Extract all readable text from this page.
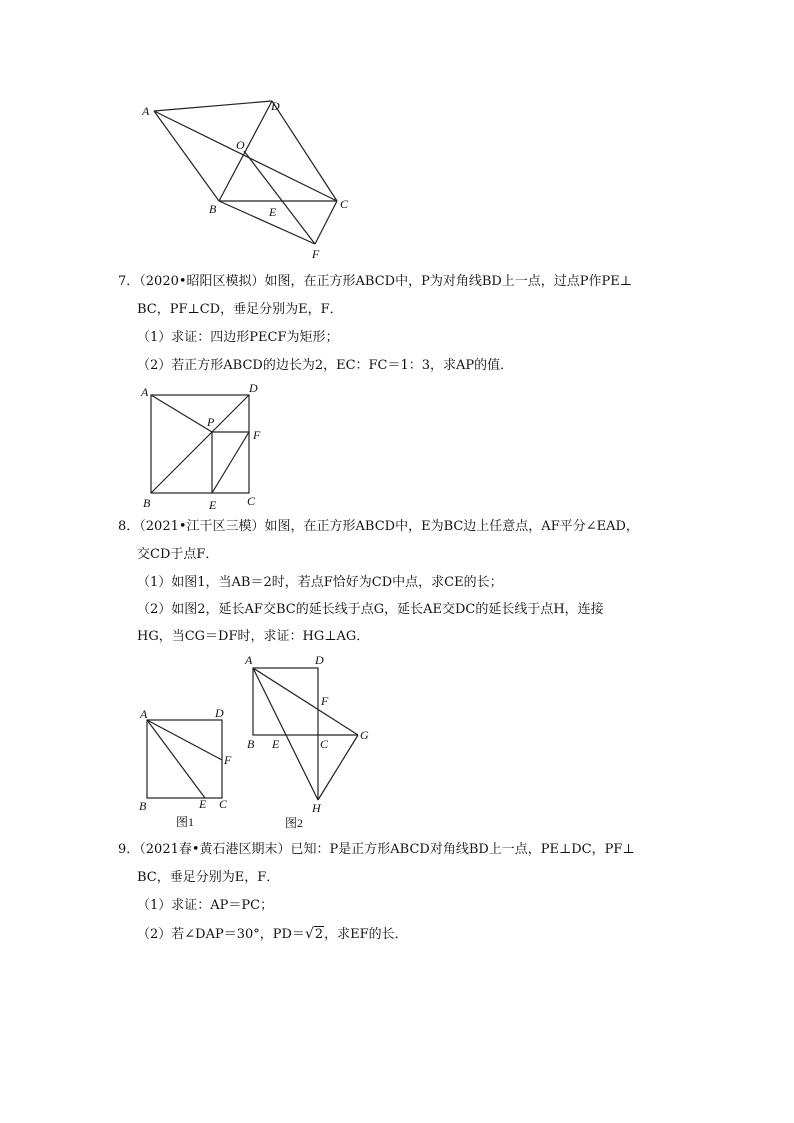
A	D
O
C
B	E
F
7．（2020•昭阳区模拟）如图，在正方形ABCD中，P为对角线BD上一点，过点P作PE⊥
BC，PF⊥CD，垂足分别为E，F．
（1）求证：四边形PECF为矩形；
（2）若正方形ABCD的边长为2，EC：FC＝1：3，求AP的值．
A	D
P
F
B	E	C
8．（2021•江干区三模）如图，在正方形ABCD中，E为BC边上任意点，AF平分∠EAD，
交CD于点F．
（1）如图1，当AB＝2时，若点F恰好为CD中点，求CE的长；
（2）如图2，延长AF交BC的延长线于点G，延长AE交DC的延长线于点H，连接
HG，当CG＝DF时，求证：HG⊥AG．
A	D
F
B	E C
图1
A	D
F
B E	C
G
H
图2
9．（2021春•黄石港区期末）已知：P是正方形ABCD对角线BD上一点，PE⊥DC，PF⊥
BC，垂足分别为E，F．
（1）求证：AP＝PC；
（2）若∠DAP＝30°，PD＝√2，求EF的长．
